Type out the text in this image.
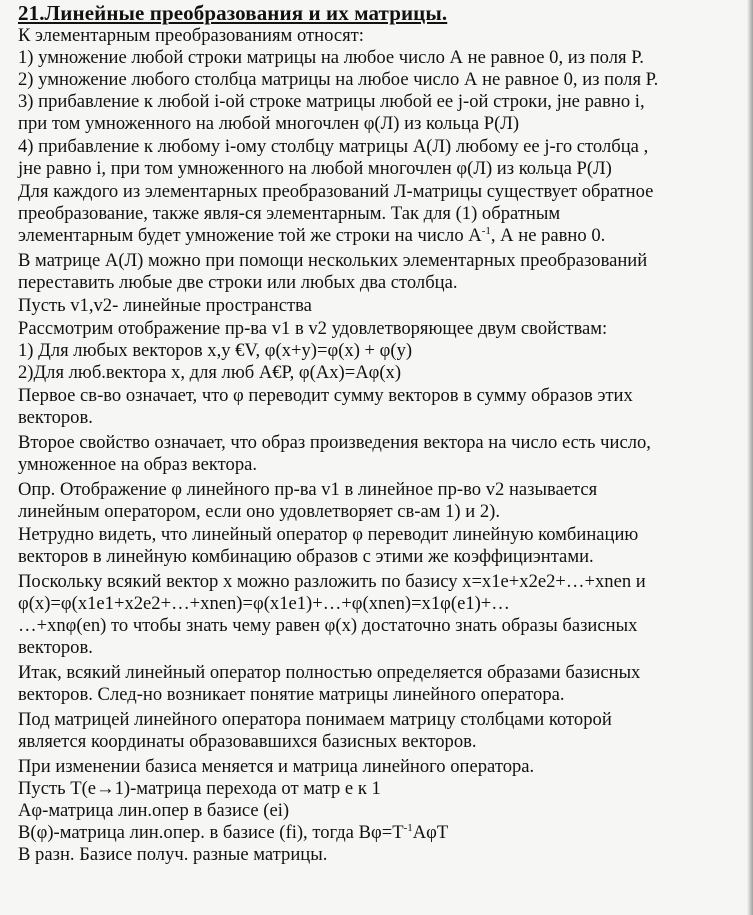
21.Линейные преобразования и их матрицы.
К элементарным преобразованиям относят:
1) умножение любой строки матрицы на любое число А не равное 0, из поля Р.
2) умножение любого столбца матрицы на любое число А не равное 0, из поля Р.
3) прибавление к любой i-ой строке матрицы любой ее j-ой строки, jне равно i,
при том умноженного на любой многочлен φ(Л) из кольца Р(Л)
4) прибавление к любому i-ому столбцу матрицы А(Л) любому ее j-го столбца ,
jне равно i, при том умноженного на любой многочлен φ(Л) из кольца Р(Л)
Для каждого из элементарных преобразований Л-матрицы существует обратное
преобразование, также явля-ся элементарным. Так для (1) обратным
элементарным будет умножение той же строки на число $А^{-1}$, А не равно 0.
В матрице А(Л) можно при помощи нескольких элементарных преобразований
переставить любые две строки или любых два столбца.
Пусть v1,v2- линейные пространства
Рассмотрим отображение пр-ва v1 в v2 удовлетворяющее двум свойствам:
1) Для любых векторов x,y €V, φ(x+y)=φ(x) + φ(y)
2)Для люб.вектора x, для люб А€Р, φ(Аx)=Аφ(x)
Первое св-во означает, что φ переводит сумму векторов в сумму образов этих
векторов.
Второе свойство означает, что образ произведения вектора на число есть число,
умноженное на образ вектора.
Опр. Отображение φ линейного пр-ва v1 в линейное пр-во v2 называется
линейным оператором, если оно удовлетворяет св-ам 1) и 2).
Нетрудно видеть, что линейный оператор φ переводит линейную комбинацию
векторов в линейную комбинацию образов с этими же коэффициэнтами.
Поскольку всякий вектор x можно разложить по базису x=x1e+x2e2+…+xnen и
φ(x)=φ(x1e1+x2e2+…+xnen)=φ(x1e1)+…+φ(xnen)=x1φ(e1)+…
…+xnφ(en) то чтобы знать чему равен φ(x) достаточно знать образы базисных
векторов.
Итак, всякий линейный оператор полностью определяется образами базисных
векторов. След-но возникает понятие матрицы линейного оператора.
Под матрицей линейного оператора понимаем матрицу столбцами которой
является координаты образовавшихся базисных векторов.
При изменении базиса меняется и матрица линейного оператора.
Пусть Т(е→1)-матрица перехода от матр е к 1
Аφ-матрица лин.опер в базисе (ei)
В(φ)-матрица лин.опер. в базисе (fi), тогда $В\varphi=Т^{-1}А\varphi Т$
В разн. Базисе получ. разные матрицы.
